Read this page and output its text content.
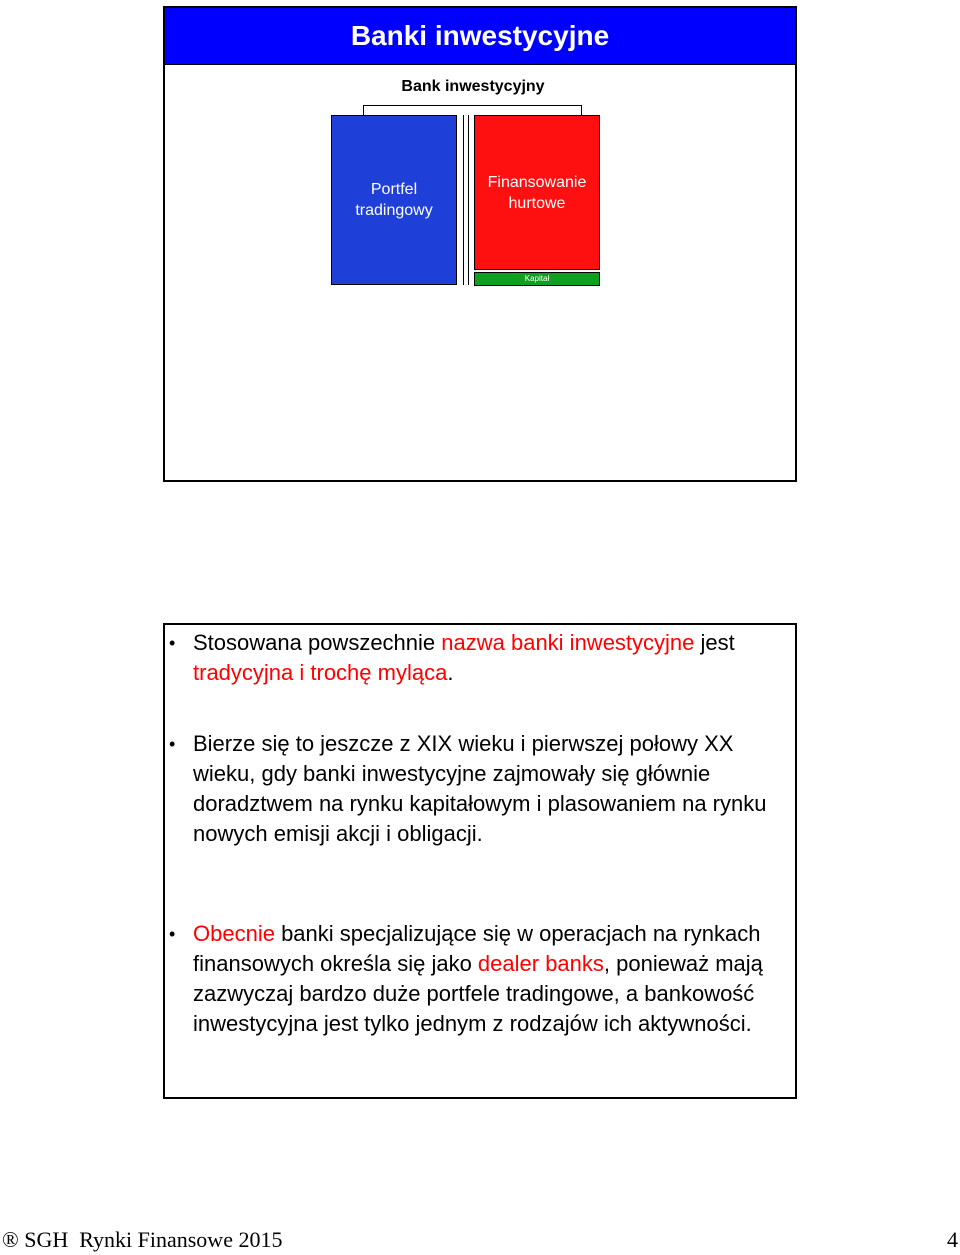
Banki inwestycyjne
Bank inwestycyjny
Portfel tradingowy
Finansowanie hurtowe
Kapitał
• Stosowana powszechnie nazwa banki inwestycyjne jest tradycyjna i trochę myląca.
• Bierze się to jeszcze z XIX wieku i pierwszej połowy XX wieku, gdy banki inwestycyjne zajmowały się głównie doradztwem na rynku kapitałowym i plasowaniem na rynku nowych emisji akcji i obligacji.
• Obecnie banki specjalizujące się w operacjach na rynkach finansowych określa się jako dealer banks, ponieważ mają zazwyczaj bardzo duże portfele tradingowe, a bankowość inwestycyjna jest tylko jednym z rodzajów ich aktywności.
® SGH  Rynki Finansowe 2015	4
